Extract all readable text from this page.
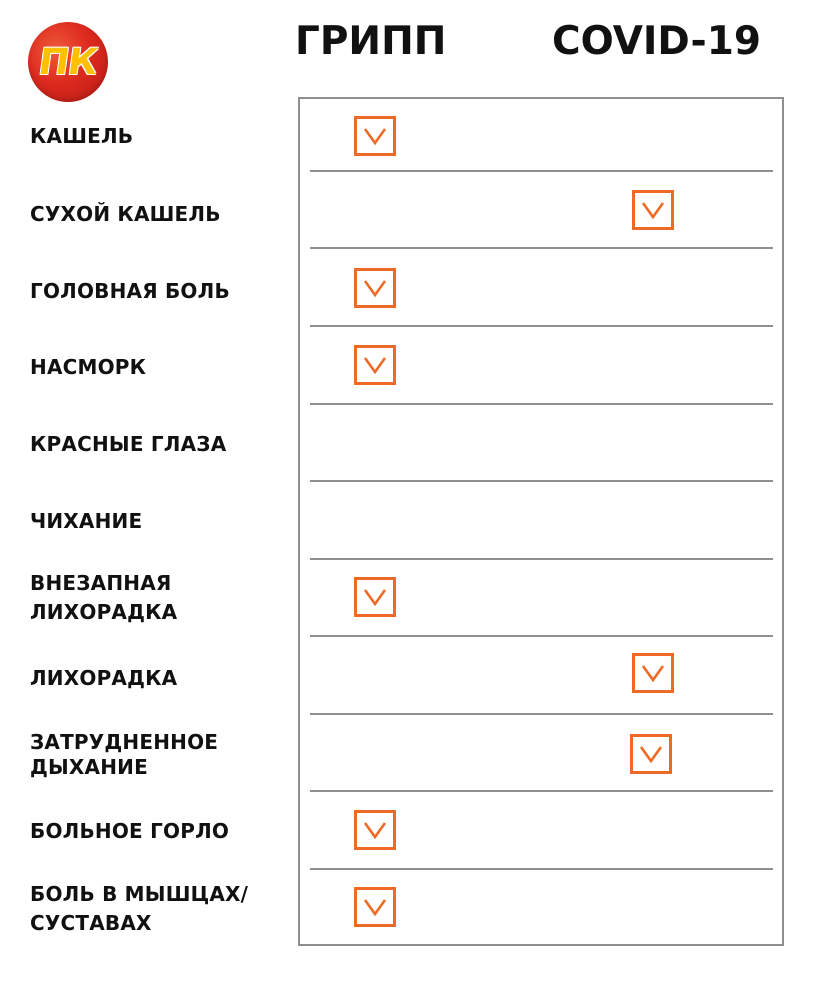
ПК	ГРИПП	COVID-19
КАШЕЛЬ
СУХОЙ КАШЕЛЬ
ГОЛОВНАЯ БОЛЬ
НАСМОРК
КРАСНЫЕ ГЛАЗА
ЧИХАНИЕ
ВНЕЗАПНАЯ ЛИХОРАДКА
ЛИХОРАДКА
ЗАТРУДНЕННОЕ ДЫХАНИЕ
БОЛЬНОЕ ГОРЛО
БОЛЬ В МЫШЦАХ/ СУСТАВАХ
